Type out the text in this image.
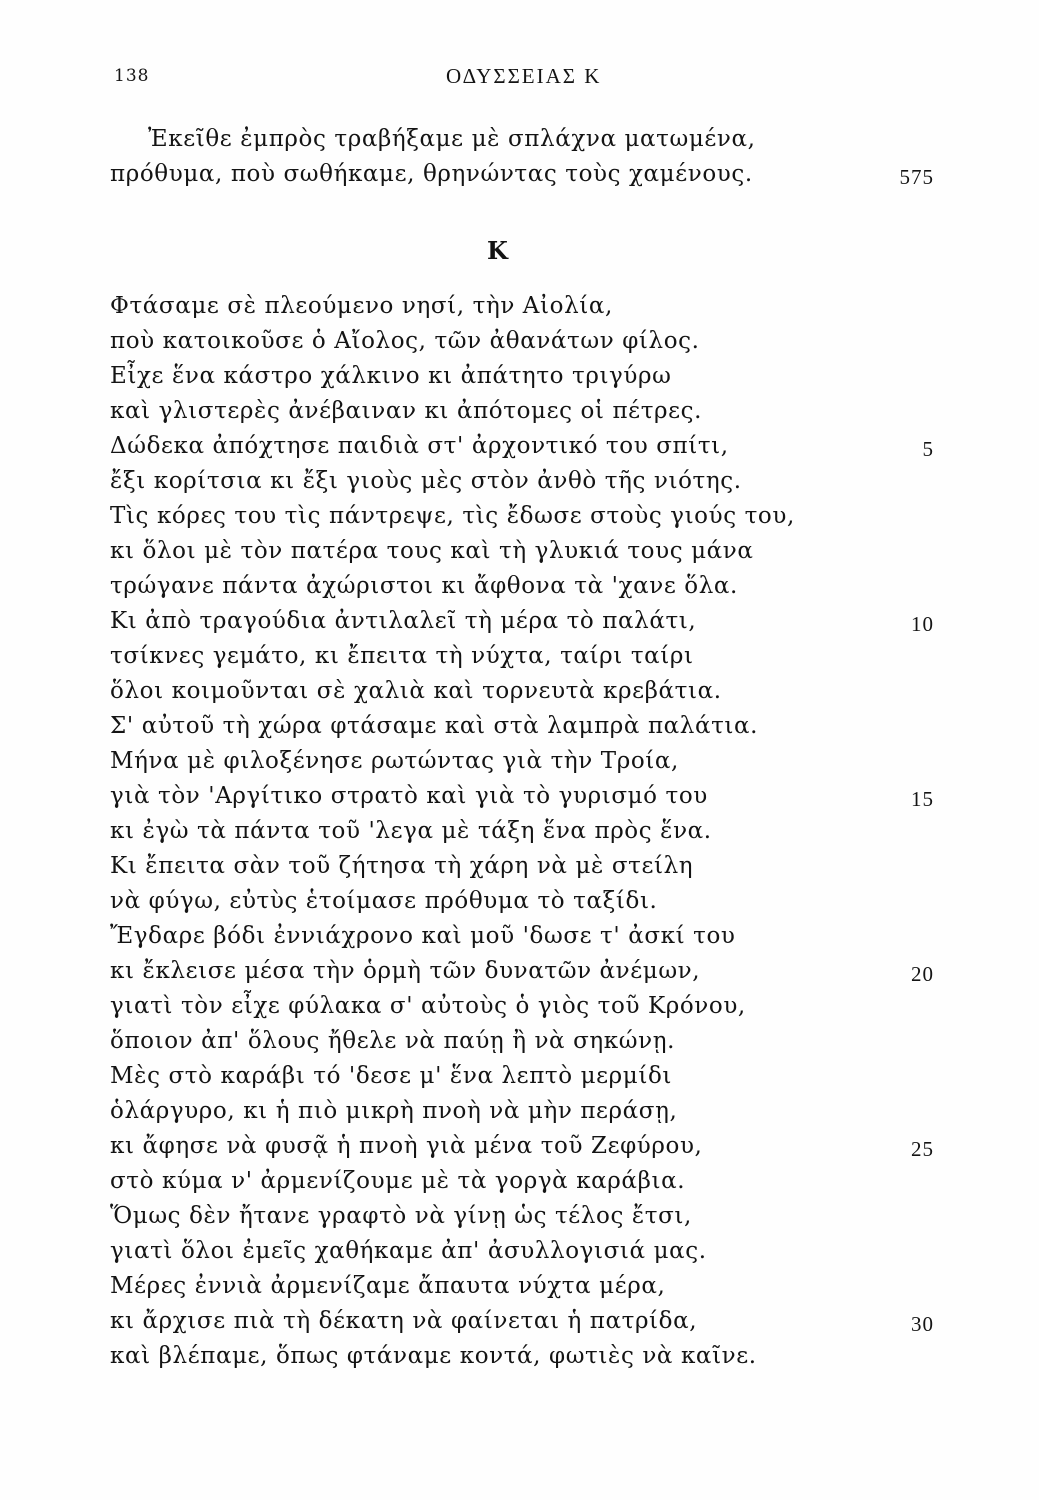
138	ΟΔΥΣΣΕΙΑΣ Κ
Ἐκεῖθε ἐμπρὸς τραβήξαμε μὲ σπλάχνα ματωμένα,
πρόθυμα, ποὺ σωθήκαμε, θρηνώντας τοὺς χαμένους.	575
Κ
Φτάσαμε σὲ πλεούμενο νησί, τὴν Αἰολία,
ποὺ κατοικοῦσε ὁ Αἴολος, τῶν ἀθανάτων φίλος.
Εἶχε ἕνα κάστρο χάλκινο κι ἀπάτητο τριγύρω
καὶ γλιστερὲς ἀνέβαιναν κι ἀπότομες οἱ πέτρες.
Δώδεκα ἀπόχτησε παιδιὰ στ' ἀρχοντικό του σπίτι,	5
ἔξι κορίτσια κι ἔξι γιοὺς μὲς στὸν ἀνθὸ τῆς νιότης.
Τὶς κόρες του τὶς πάντρεψε, τὶς ἔδωσε στοὺς γιούς του,
κι ὅλοι μὲ τὸν πατέρα τους καὶ τὴ γλυκιά τους μάνα
τρώγανε πάντα ἀχώριστοι κι ἄφθονα τὰ 'χανε ὅλα.
Κι ἀπὸ τραγούδια ἀντιλαλεῖ τὴ μέρα τὸ παλάτι,	10
τσίκνες γεμάτο, κι ἔπειτα τὴ νύχτα, ταίρι ταίρι
ὅλοι κοιμοῦνται σὲ χαλιὰ καὶ τορνευτὰ κρεβάτια.
Σ' αὐτοῦ τὴ χώρα φτάσαμε καὶ στὰ λαμπρὰ παλάτια.
Μήνα μὲ φιλοξένησε ρωτώντας γιὰ τὴν Τροία,
γιὰ τὸν 'Αργίτικο στρατὸ καὶ γιὰ τὸ γυρισμό του	15
κι ἐγὼ τὰ πάντα τοῦ 'λεγα μὲ τάξη ἕνα πρὸς ἕνα.
Κι ἔπειτα σὰν τοῦ ζήτησα τὴ χάρη νὰ μὲ στείλη
νὰ φύγω, εὐτὺς ἑτοίμασε πρόθυμα τὸ ταξίδι.
Ἔγδαρε βόδι ἐννιάχρονο καὶ μοῦ 'δωσε τ' ἀσκί του
κι ἔκλεισε μέσα τὴν ὁρμὴ τῶν δυνατῶν ἀνέμων,	20
γιατὶ τὸν εἶχε φύλακα σ' αὐτοὺς ὁ γιὸς τοῦ Κρόνου,
ὅποιον ἀπ' ὅλους ἤθελε νὰ παύῃ ἢ νὰ σηκώνῃ.
Μὲς στὸ καράβι τό 'δεσε μ' ἕνα λεπτὸ μερμίδι
ὁλάργυρο, κι ἡ πιὸ μικρὴ πνοὴ νὰ μὴν περάσῃ,
κι ἄφησε νὰ φυσᾷ ἡ πνοὴ γιὰ μένα τοῦ Ζεφύρου,	25
στὸ κύμα ν' ἀρμενίζουμε μὲ τὰ γοργὰ καράβια.
Ὅμως δὲν ἤτανε γραφτὸ νὰ γίνῃ ὡς τέλος ἔτσι,
γιατὶ ὅλοι ἐμεῖς χαθήκαμε ἀπ' ἀσυλλογισιά μας.
Μέρες ἐννιὰ ἀρμενίζαμε ἄπαυτα νύχτα μέρα,
κι ἄρχισε πιὰ τὴ δέκατη νὰ φαίνεται ἡ πατρίδα,	30
καὶ βλέπαμε, ὅπως φτάναμε κοντά, φωτιὲς νὰ καῖνε.
